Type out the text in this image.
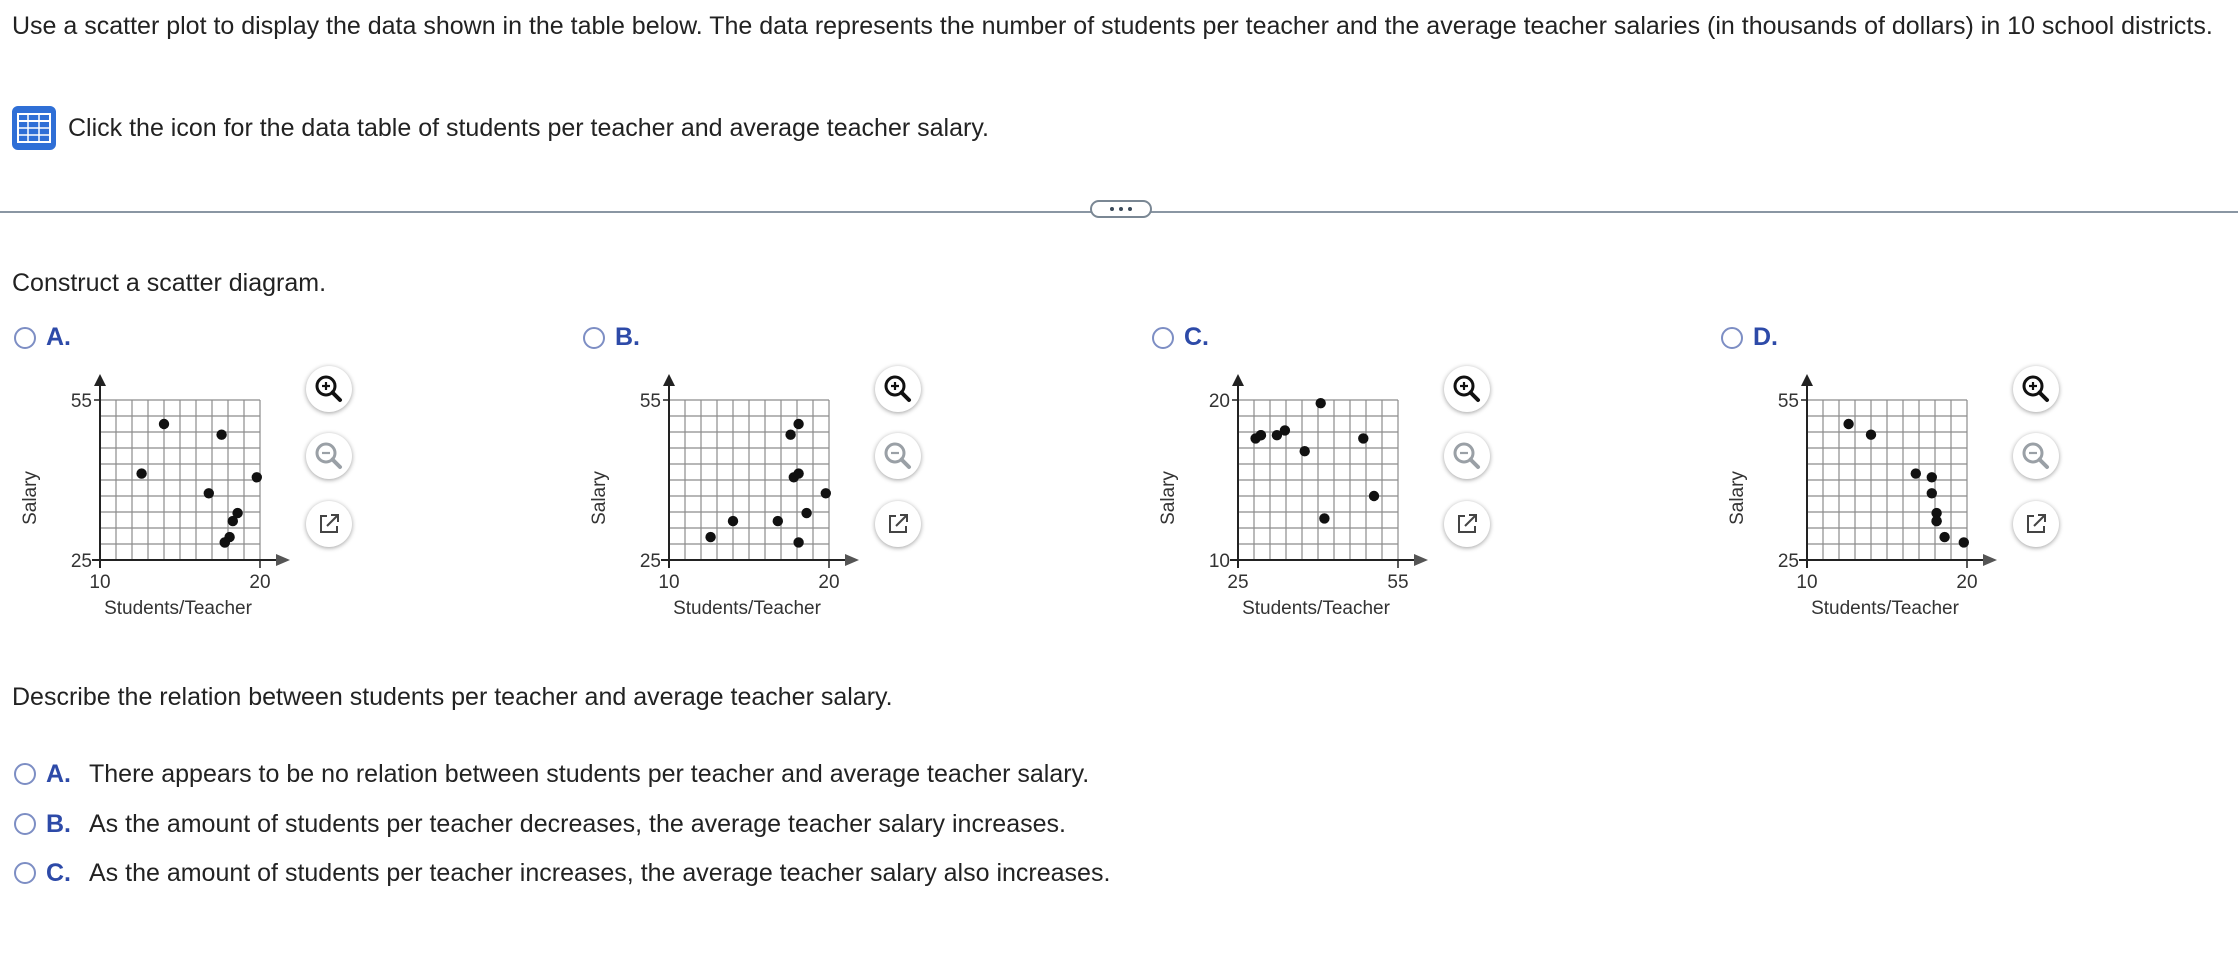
Use a scatter plot to display the data shown in the table below. The data represents the number of students per teacher and the average teacher salaries (in thousands of dollars) in 10 school districts.

Click the icon for the data table of students per teacher and average teacher salary.
Construct a scatter diagram.
A.
55
25
10	20
Students/Teacher
Salary
B.
55
25
10	20
Students/Teacher
Salary
C.
20
10
25	55
Students/Teacher
Salary
D.
55
25
10	20
Students/Teacher
Salary
Describe the relation between students per teacher and average teacher salary.
A. There appears to be no relation between students per teacher and average teacher salary.
B. As the amount of students per teacher decreases, the average teacher salary increases.
C. As the amount of students per teacher increases, the average teacher salary also increases.
